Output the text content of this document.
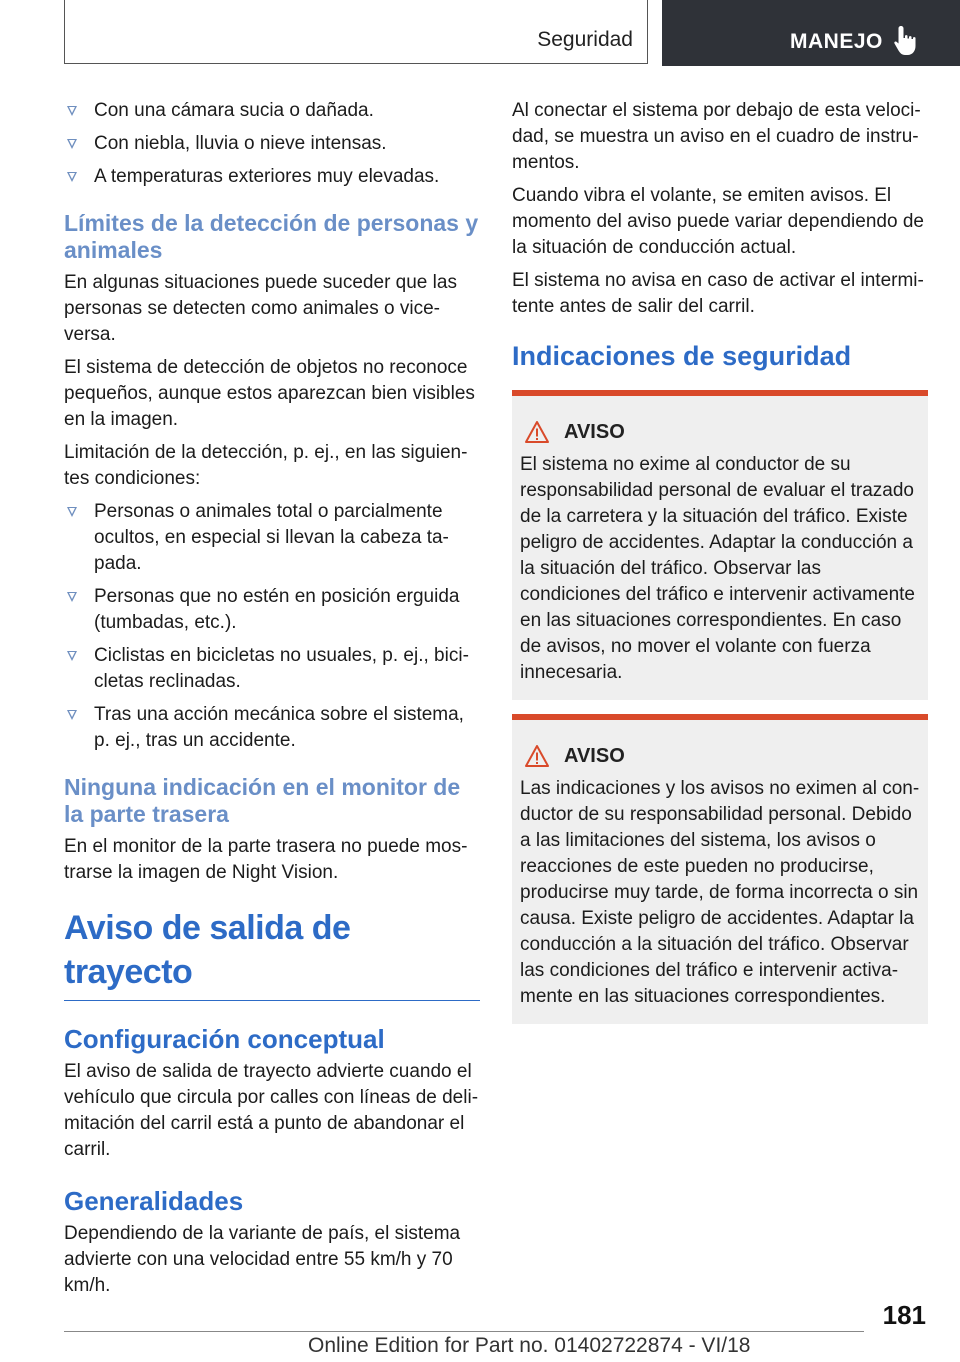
Seguridad	MANEJO
Con una cámara sucia o dañada.
Con niebla, lluvia o nieve intensas.
A temperaturas exteriores muy elevadas.
Límites de la detección de personas y animales

En algunas situaciones puede suceder que las personas se detecten como animales o viceversa.

El sistema de detección de objetos no reconoce pequeños, aunque estos aparezcan bien visibles en la imagen.

Limitación de la detección, p. ej., en las siguientes condiciones:

Personas o animales total o parcialmente ocultos, en especial si llevan la cabeza tapada.
Personas que no estén en posición erguida (tumbadas, etc.).
Ciclistas en bicicletas no usuales, p. ej., bicicletas reclinadas.
Tras una acción mecánica sobre el sistema, p. ej., tras un accidente.
Ninguna indicación en el monitor de la parte trasera

En el monitor de la parte trasera no puede mostrarse la imagen de Night Vision.

Aviso de salida de trayecto
Configuración conceptual

El aviso de salida de trayecto advierte cuando el vehículo que circula por calles con líneas de delimitación del carril está a punto de abandonar el carril.

Generalidades

Dependiendo de la variante de país, el sistema advierte con una velocidad entre 55 km/h y 70 km/h.

Al conectar el sistema por debajo de esta velocidad, se muestra un aviso en el cuadro de instrumentos.

Cuando vibra el volante, se emiten avisos. El momento del aviso puede variar dependiendo de la situación de conducción actual.

El sistema no avisa en caso de activar el intermitente antes de salir del carril.

Indicaciones de seguridad
AVISO

El sistema no exime al conductor de su responsabilidad personal de evaluar el trazado de la carretera y la situación del tráfico. Existe peligro de accidentes. Adaptar la conducción a la situación del tráfico. Observar las condiciones del tráfico e intervenir activamente en las situaciones correspondientes. En caso de avisos, no mover el volante con fuerza innecesaria.

AVISO

Las indicaciones y los avisos no eximen al conductor de su responsabilidad personal. Debido a las limitaciones del sistema, los avisos o reacciones de este pueden no producirse, producirse muy tarde, de forma incorrecta o sin causa. Existe peligro de accidentes. Adaptar la conducción a la situación del tráfico. Observar las condiciones del tráfico e intervenir activamente en las situaciones correspondientes.

181
Online Edition for Part no. 01402722874 - VI/18
